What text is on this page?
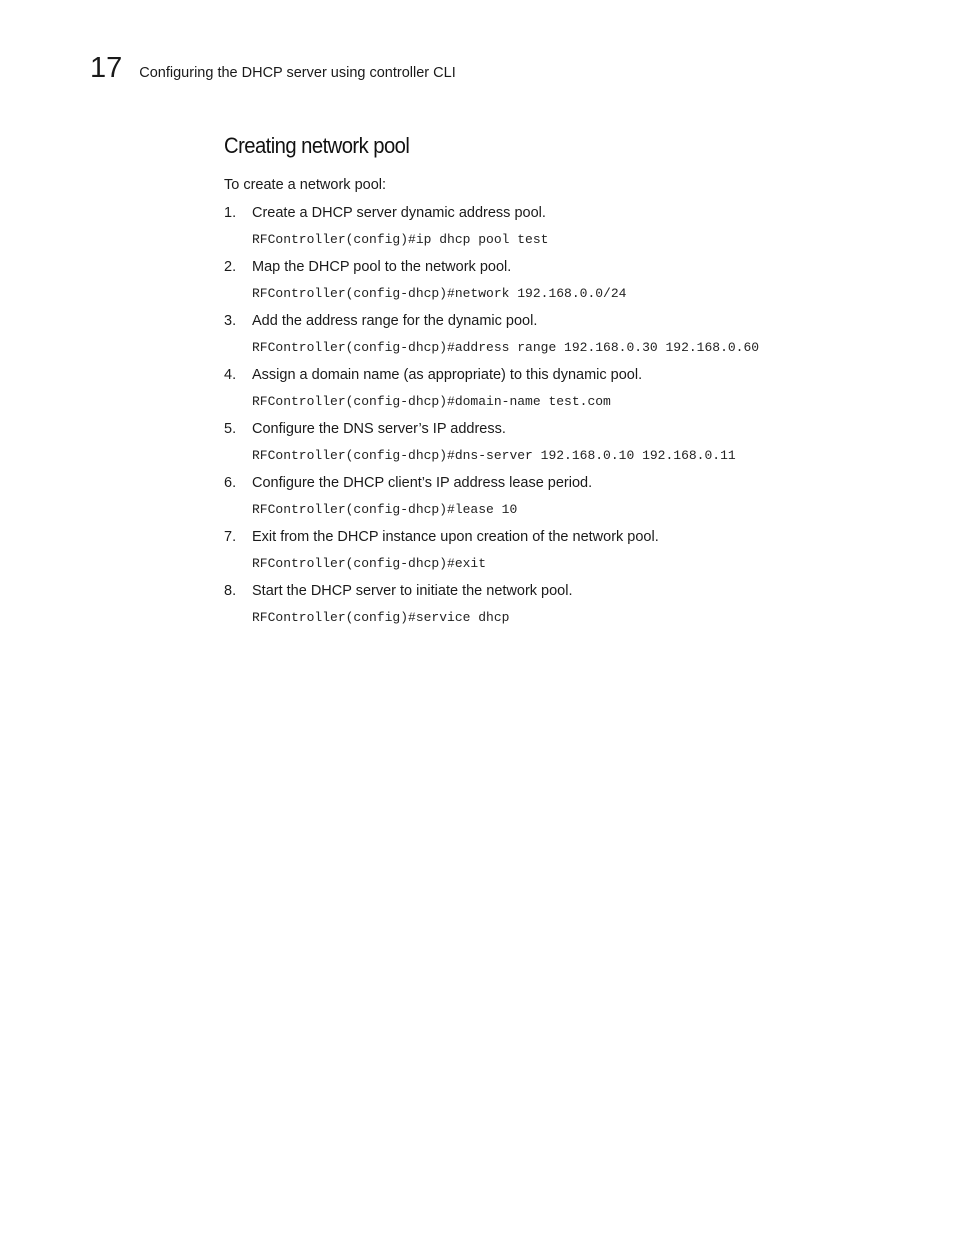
17 Configuring the DHCP server using controller CLI
Creating network pool

To create a network pool:

1.	Create a DHCP server dynamic address pool.
RFController(config)#ip dhcp pool test
2.	Map the DHCP pool to the network pool.
RFController(config-dhcp)#network 192.168.0.0/24
3.	Add the address range for the dynamic pool.
RFController(config-dhcp)#address range 192.168.0.30 192.168.0.60
4.	Assign a domain name (as appropriate) to this dynamic pool.
RFController(config-dhcp)#domain-name test.com
5.	Configure the DNS server’s IP address.
RFController(config-dhcp)#dns-server 192.168.0.10 192.168.0.11
6.	Configure the DHCP client’s IP address lease period.
RFController(config-dhcp)#lease 10
7.	Exit from the DHCP instance upon creation of the network pool.
RFController(config-dhcp)#exit
8.	Start the DHCP server to initiate the network pool.
RFController(config)#service dhcp
